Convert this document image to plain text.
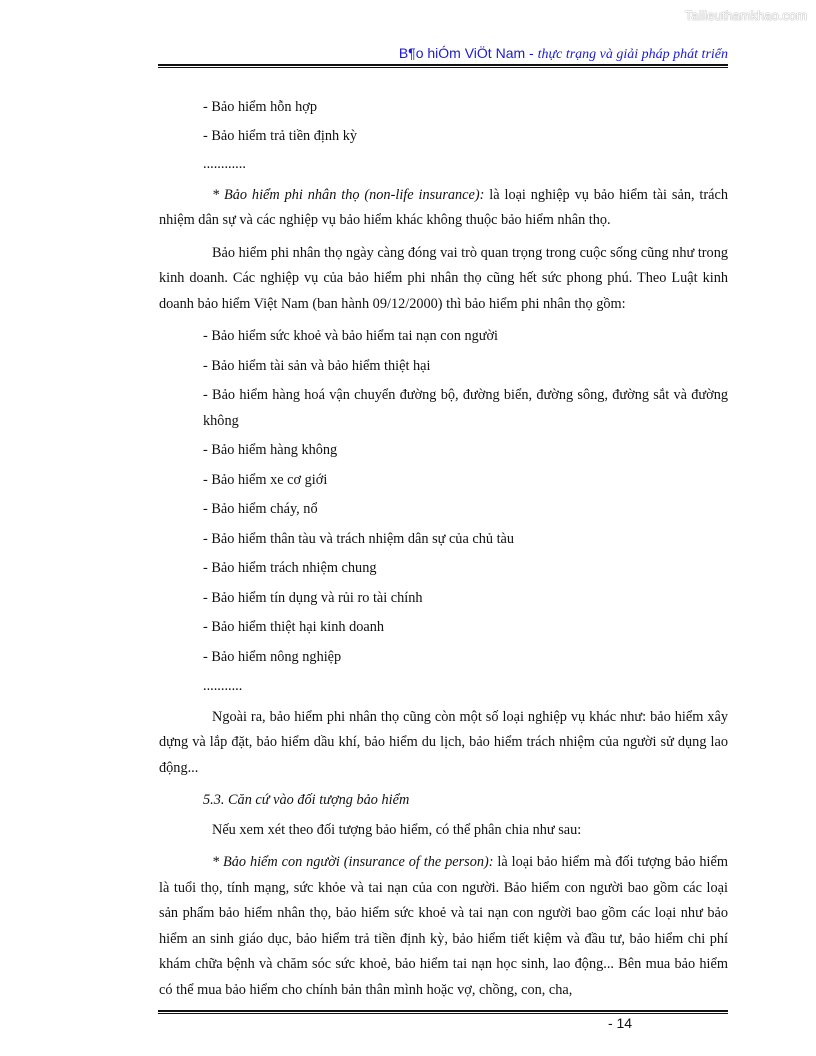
Tailieuthamkhao.com
B¶o hiÓm ViÖt Nam - thực trạng và giải pháp phát triển
- Bảo hiểm hỗn hợp
- Bảo hiểm trả tiền định kỳ
............
* Bảo hiểm phi nhân thọ (non-life insurance): là loại nghiệp vụ bảo hiểm tài sản, trách nhiệm dân sự và các nghiệp vụ bảo hiểm khác không thuộc bảo hiểm nhân thọ.
Bảo hiểm phi nhân thọ ngày càng đóng vai trò quan trọng trong cuộc sống cũng như trong kinh doanh. Các nghiệp vụ của bảo hiểm phi nhân thọ cũng hết sức phong phú. Theo Luật kinh doanh bảo hiểm Việt Nam (ban hành 09/12/2000) thì bảo hiểm phi nhân thọ gồm:
- Bảo hiểm sức khoẻ và bảo hiểm tai nạn con người
- Bảo hiểm tài sản và bảo hiểm thiệt hại
- Bảo hiểm hàng hoá vận chuyển đường bộ, đường biển, đường sông, đường sắt và đường không
- Bảo hiểm hàng không
- Bảo hiểm xe cơ giới
- Bảo hiểm cháy, nổ
- Bảo hiểm thân tàu và trách nhiệm dân sự của chủ tàu
- Bảo hiểm trách nhiệm chung
- Bảo hiểm tín dụng và rủi ro tài chính
- Bảo hiểm thiệt hại kinh doanh
- Bảo hiểm nông nghiệp
...........
Ngoài ra, bảo hiểm phi nhân thọ cũng còn một số loại nghiệp vụ khác như: bảo hiểm xây dựng và lắp đặt, bảo hiểm dầu khí, bảo hiểm du lịch, bảo hiểm trách nhiệm của người sử dụng lao động...
5.3. Căn cứ vào đối tượng bảo hiểm
Nếu xem xét theo đối tượng bảo hiểm, có thể phân chia như sau:
* Bảo hiểm con người (insurance of the person): là loại bảo hiểm mà đối tượng bảo hiểm là tuổi thọ, tính mạng, sức khỏe và tai nạn của con người. Bảo hiểm con người bao gồm các loại sản phẩm bảo hiểm nhân thọ, bảo hiểm sức khoẻ và tai nạn con người bao gồm các loại như bảo hiểm an sinh giáo dục, bảo hiểm trả tiền định kỳ, bảo hiểm tiết kiệm và đầu tư, bảo hiểm chi phí khám chữa bệnh và chăm sóc sức khoẻ, bảo hiểm tai nạn học sinh, lao động... Bên mua bảo hiểm có thể mua bảo hiểm cho chính bản thân mình hoặc vợ, chồng, con, cha,
- 14
